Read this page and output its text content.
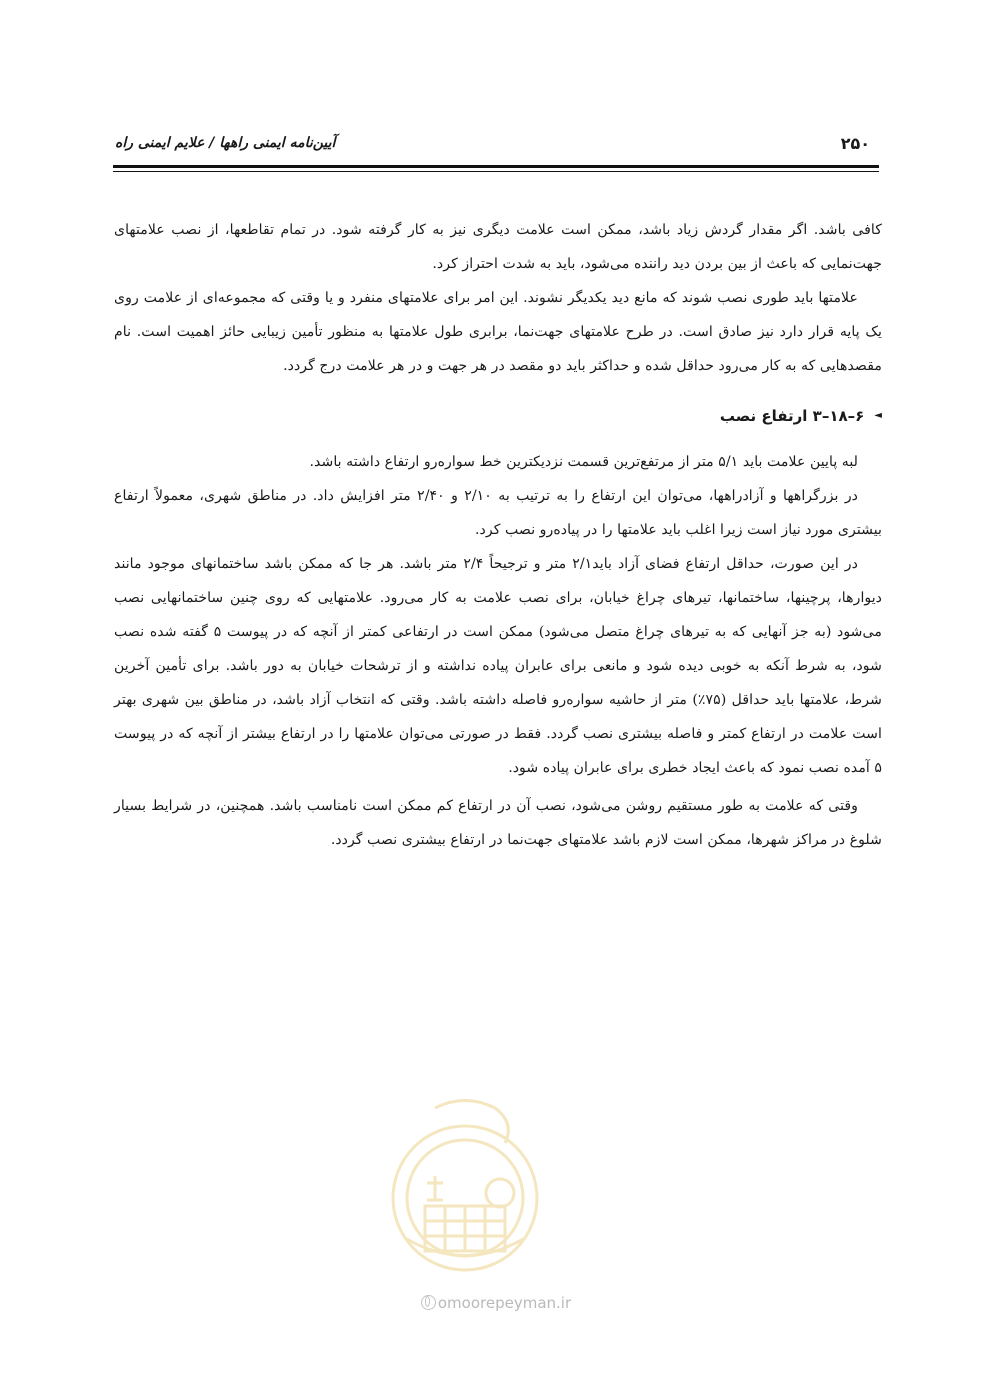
۲۵۰
آیین‌نامه ایمنی راهها / علایم ایمنی راه

کافی باشد. اگر مقدار گردش زیاد باشد، ممکن است علامت دیگری نیز به کار گرفته شود. در تمام تقاطعها، از نصب علامتهای جهت‌نمایی که باعث از بین بردن دید راننده می‌شود، باید به شدت احتراز کرد.

علامتها باید طوری نصب شوند که مانع دید یکدیگر نشوند. این امر برای علامتهای منفرد و یا وقتی که مجموعه‌ای از علامت روی یک پایه قرار دارد نیز صادق است. در طرح علامتهای جهت‌نما، برابری طول علامتها به منظور تأمین زیبایی حائز اهمیت است. نام مقصدهایی که به کار می‌رود حداقل شده و حداکثر باید دو مقصد در هر جهت و در هر علامت درج گردد.

◄
۶–۱۸–۳ ارتفاع نصب

لبه پایین علامت باید ۵/۱ متر از مرتفع‌ترین قسمت نزدیکترین خط سواره‌رو ارتفاع داشته باشد.

در بزرگراهها و آزادراهها، می‌توان این ارتفاع را به ترتیب به ۲/۱۰ و ۲/۴۰ متر افزایش داد. در مناطق شهری، معمولاً ارتفاع بیشتری مورد نیاز است زیرا اغلب باید علامتها را در پیاده‌رو نصب کرد.

در این صورت، حداقل ارتفاع فضای آزاد باید۲/۱ متر و ترجیحاً ۲/۴ متر باشد. هر جا که ممکن باشد ساختمانهای موجود مانند دیوارها، پرچینها، ساختمانها، تیرهای چراغ خیابان، برای نصب علامت به کار می‌رود. علامتهایی که روی چنین ساختمانهایی نصب می‌شود (به جز آنهایی که به تیرهای چراغ متصل می‌شود) ممکن است در ارتفاعی کمتر از آنچه که در پیوست ۵ گفته شده نصب شود، به شرط آنکه به خوبی دیده شود و مانعی برای عابران پیاده نداشته و از ترشحات خیابان به دور باشد. برای تأمین آخرین شرط، علامتها باید حداقل (۷۵٪) متر از حاشیه سواره‌رو فاصله داشته باشد. وقتی که انتخاب آزاد باشد، در مناطق بین شهری بهتر است علامت در ارتفاع کمتر و فاصله بیشتری نصب گردد. فقط در صورتی می‌توان علامتها را در ارتفاع بیشتر از آنچه که در پیوست ۵ آمده نصب نمود که باعث ایجاد خطری برای عابران پیاده شود.

وقتی که علامت به طور مستقیم روشن می‌شود، نصب آن در ارتفاع کم ممکن است نامناسب باشد. همچنین، در شرایط بسیار شلوغ در مراکز شهرها، ممکن است لازم باشد علامتهای جهت‌نما در ارتفاع بیشتری نصب گردد.

omoorepeyman.ir
